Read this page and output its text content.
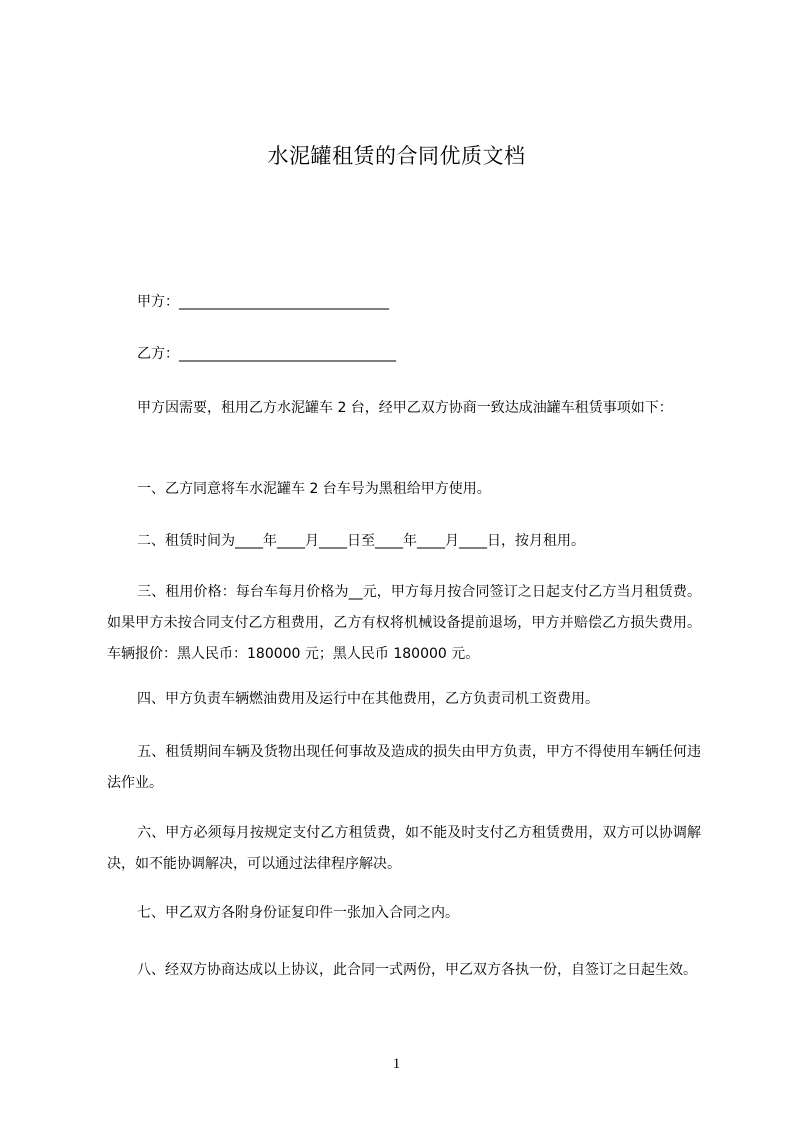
水泥罐租赁的合同优质文档
甲方：______________________________
乙方：_______________________________
甲方因需要，租用乙方水泥罐车 2 台，经甲乙双方协商一致达成油罐车租赁事项如下：
一、乙方同意将车水泥罐车 2 台车号为黑租给甲方使用。
二、租赁时间为____年____月____日至____年____月____日，按月租用。
三、租用价格：每台车每月价格为__元，甲方每月按合同签订之日起支付乙方当月租赁费。如果甲方未按合同支付乙方租费用，乙方有权将机械设备提前退场，甲方并赔偿乙方损失费用。车辆报价：黑人民币：180000 元；黑人民币 180000 元。
四、甲方负责车辆燃油费用及运行中在其他费用，乙方负责司机工资费用。
五、租赁期间车辆及货物出现任何事故及造成的损失由甲方负责，甲方不得使用车辆任何违法作业。
六、甲方必须每月按规定支付乙方租赁费，如不能及时支付乙方租赁费用，双方可以协调解决，如不能协调解决，可以通过法律程序解决。
七、甲乙双方各附身份证复印件一张加入合同之内。
八、经双方协商达成以上协议，此合同一式两份，甲乙双方各执一份，自签订之日起生效。
1
